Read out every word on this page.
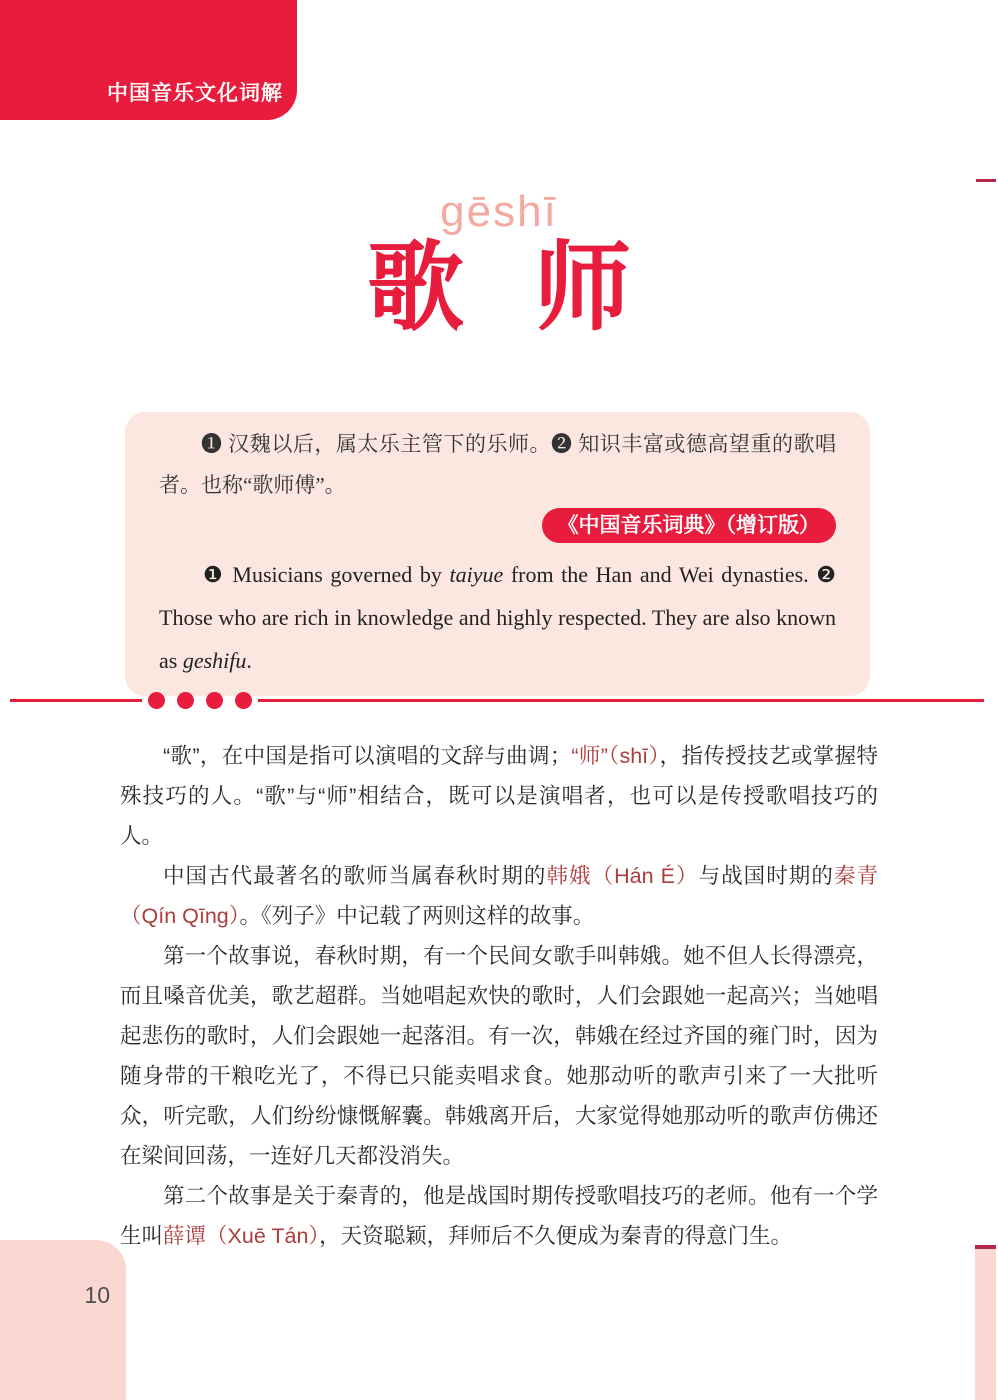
中国音乐文化词解
gēshī
歌 师

❶ 汉魏以后，属太乐主管下的乐师。❷ 知识丰富或德高望重的歌唱者。也称“歌师傅”。

《中国音乐词典》（增订版）

❶ Musicians governed by taiyue from the Han and Wei dynasties. ❷ Those who are rich in knowledge and highly respected. They are also known as geshifu.

“歌”，在中国是指可以演唱的文辞与曲调；“师”（shī），指传授技艺或掌握特殊技巧的人。“歌”与“师”相结合，既可以是演唱者，也可以是传授歌唱技巧的人。

中国古代最著名的歌师当属春秋时期的韩娥（Hán É）与战国时期的秦青（Qín Qīng）。《列子》中记载了两则这样的故事。

第一个故事说，春秋时期，有一个民间女歌手叫韩娥。她不但人长得漂亮，而且嗓音优美，歌艺超群。当她唱起欢快的歌时，人们会跟她一起高兴；当她唱起悲伤的歌时，人们会跟她一起落泪。有一次，韩娥在经过齐国的雍门时，因为随身带的干粮吃光了，不得已只能卖唱求食。她那动听的歌声引来了一大批听众，听完歌，人们纷纷慷慨解囊。韩娥离开后，大家觉得她那动听的歌声仿佛还在梁间回荡，一连好几天都没消失。

第二个故事是关于秦青的，他是战国时期传授歌唱技巧的老师。他有一个学生叫薛谭（Xuē Tán），天资聪颖，拜师后不久便成为秦青的得意门生。

10
